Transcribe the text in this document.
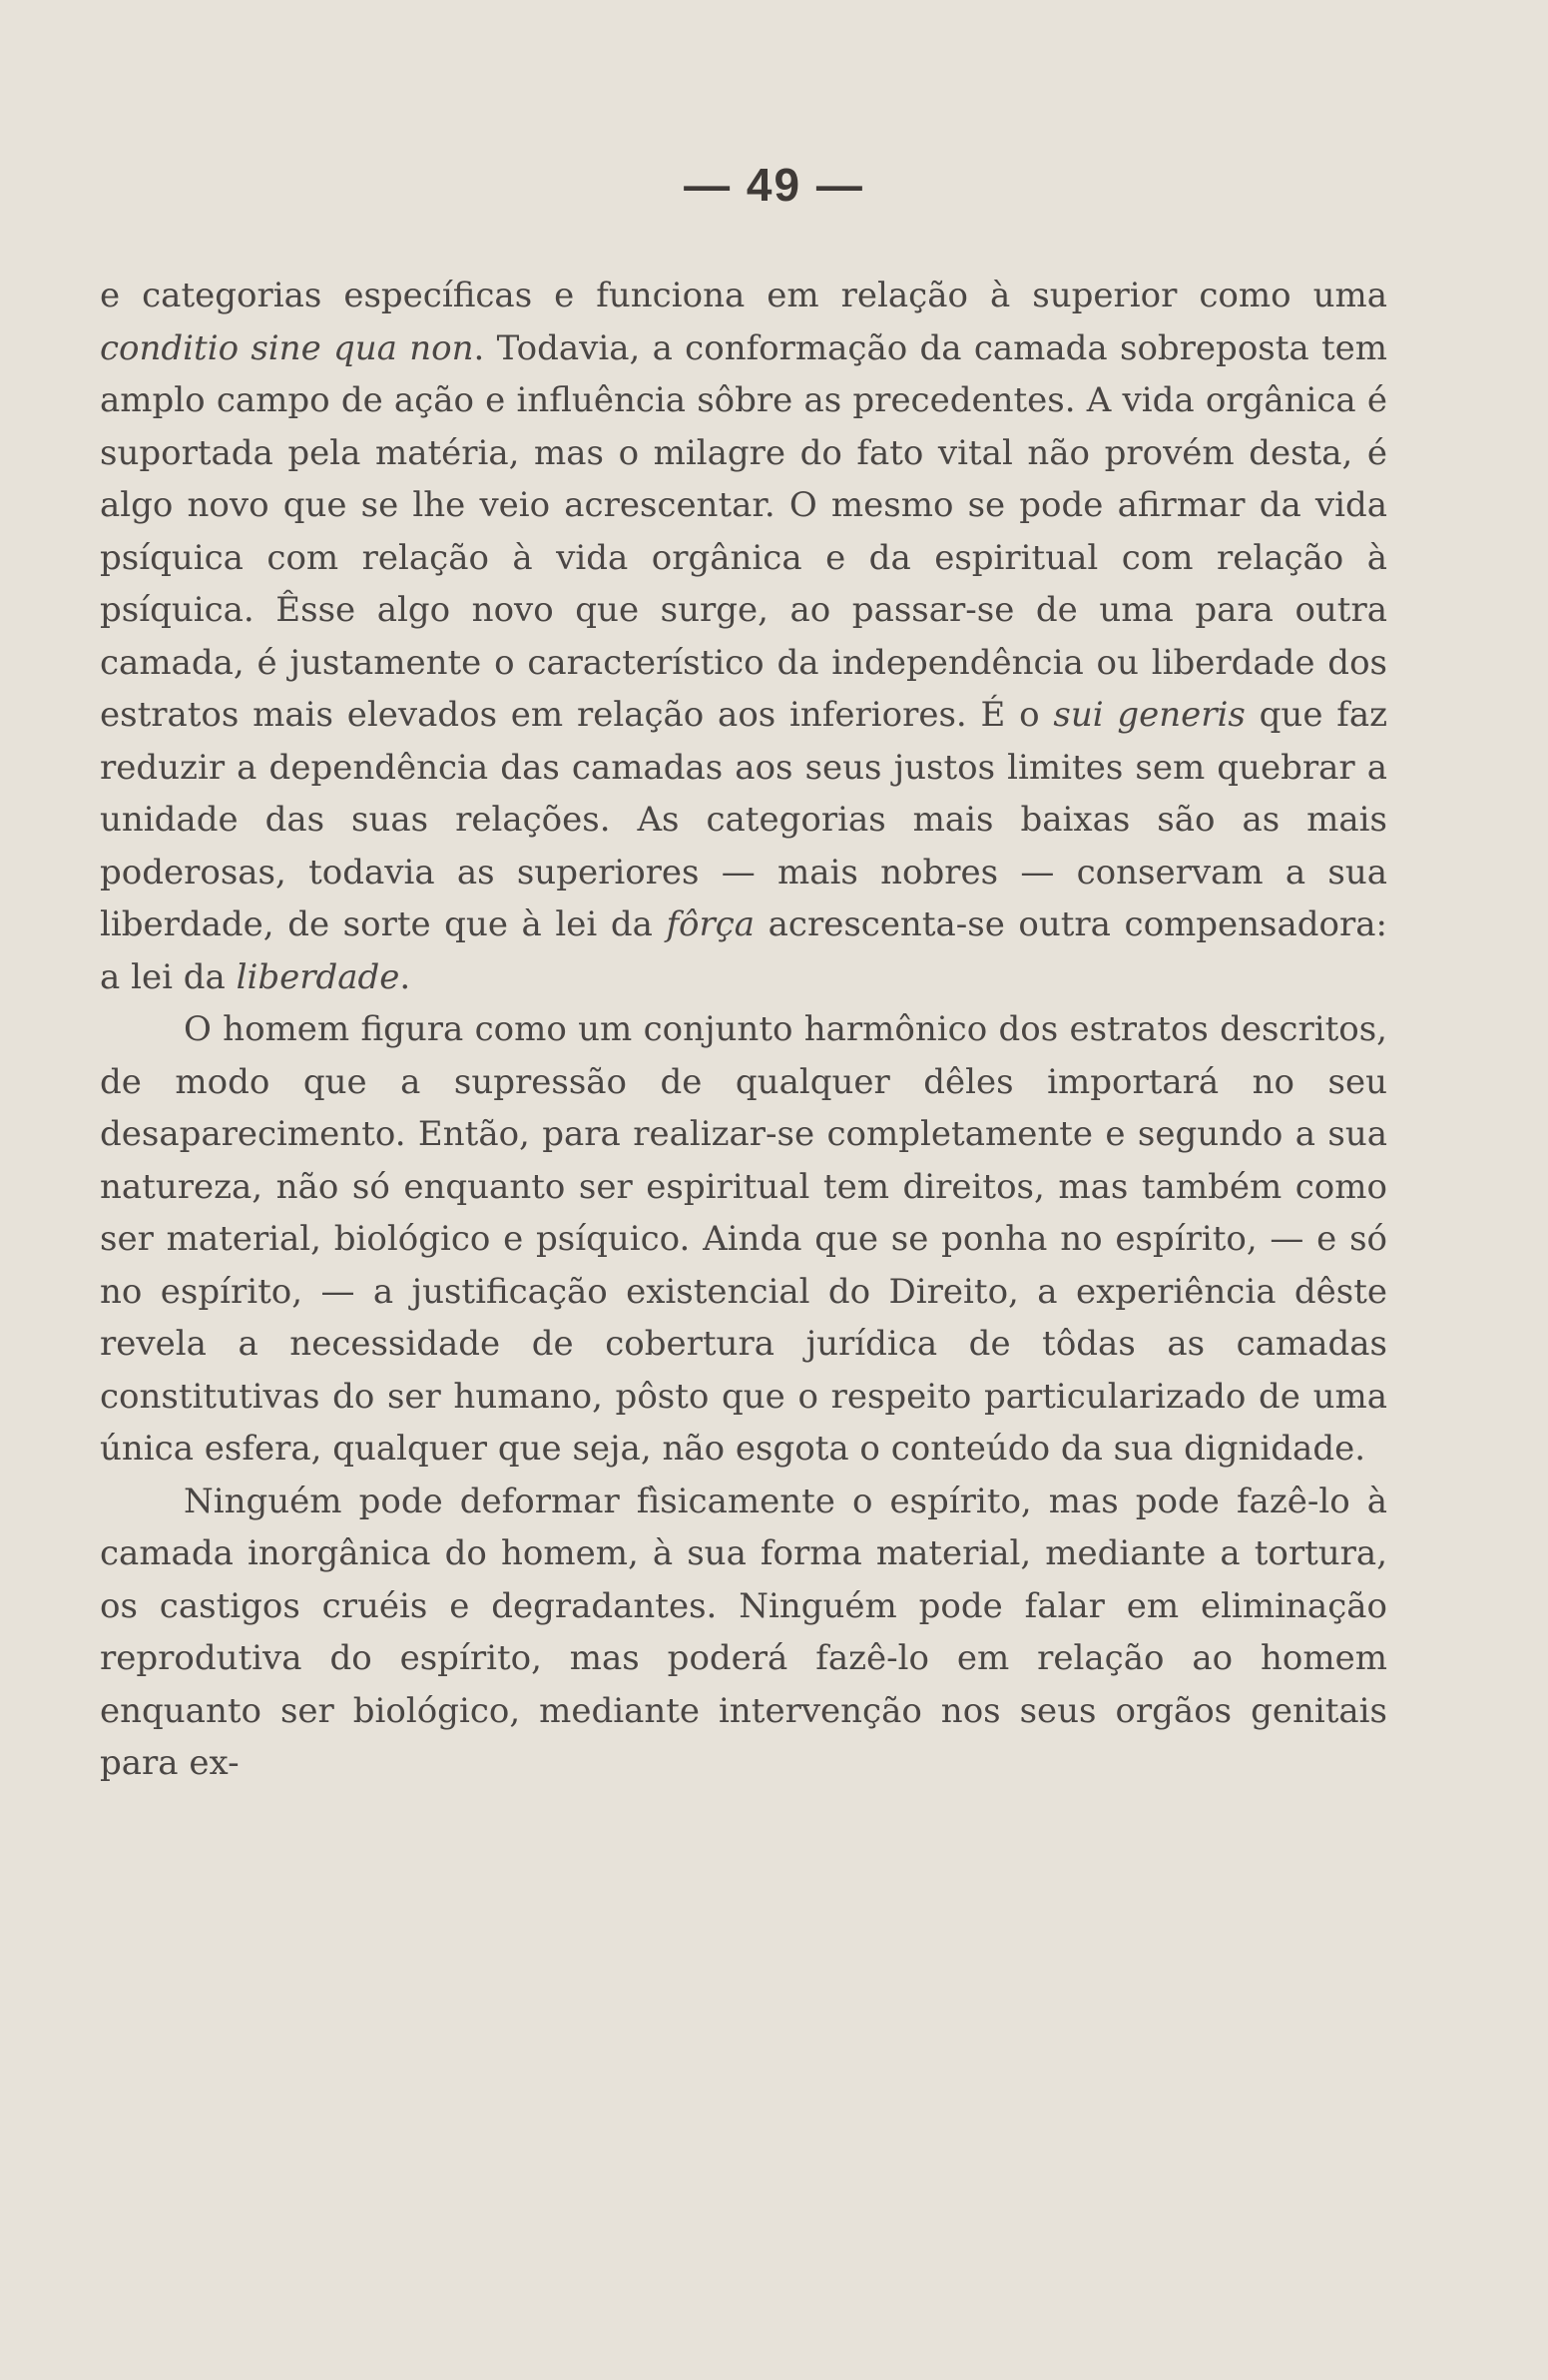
— 49 —

e categorias específicas e funciona em relação à superior como uma conditio sine qua non. Todavia, a conformação da camada sobreposta tem amplo campo de ação e influência sôbre as precedentes. A vida orgânica é suportada pela matéria, mas o milagre do fato vital não provém desta, é algo novo que se lhe veio acrescentar. O mesmo se pode afirmar da vida psíquica com relação à vida orgânica e da espiritual com relação à psíquica. Êsse algo novo que surge, ao passar-se de uma para outra camada, é justamente o característico da independência ou liberdade dos estratos mais elevados em relação aos inferiores. É o sui generis que faz reduzir a dependência das camadas aos seus justos limites sem quebrar a unidade das suas relações. As categorias mais baixas são as mais poderosas, todavia as superiores — mais nobres — conservam a sua liberdade, de sorte que à lei da fôrça acrescenta-se outra compensadora: a lei da liberdade.

O homem figura como um conjunto harmônico dos estratos descritos, de modo que a supressão de qualquer dêles importará no seu desaparecimento. Então, para realizar-se completamente e segundo a sua natureza, não só enquanto ser espiritual tem direitos, mas também como ser material, biológico e psíquico. Ainda que se ponha no espírito, — e só no espírito, — a justificação existencial do Direito, a experiência dêste revela a necessidade de cobertura jurídica de tôdas as camadas constitutivas do ser humano, pôsto que o respeito particularizado de uma única esfera, qualquer que seja, não esgota o conteúdo da sua dignidade.

Ninguém pode deformar fìsicamente o espírito, mas pode fazê-lo à camada inorgânica do homem, à sua forma material, mediante a tortura, os castigos cruéis e degradantes. Ninguém pode falar em eliminação reprodutiva do espírito, mas poderá fazê-lo em relação ao homem enquanto ser biológico, mediante intervenção nos seus orgãos genitais para ex-
